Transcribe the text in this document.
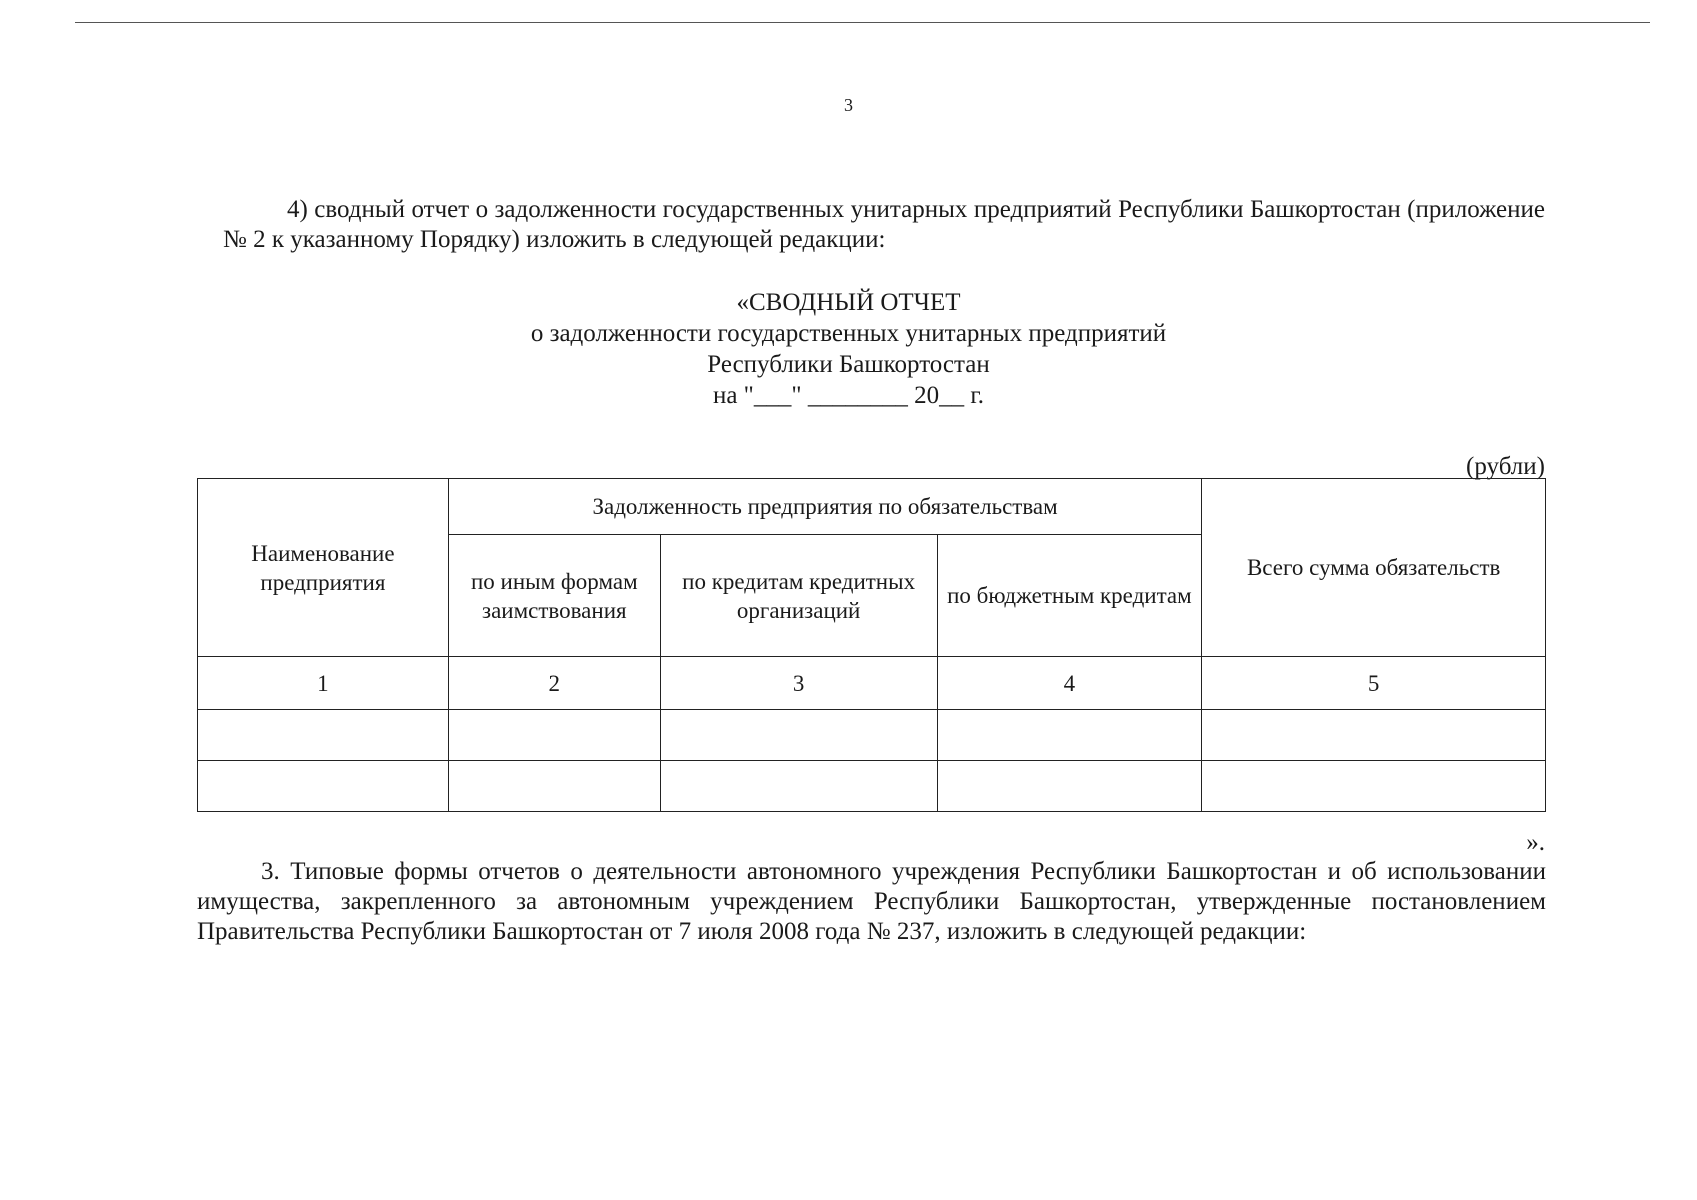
3

4) сводный отчет о задолженности государственных унитарных предприятий Республики Башкортостан (приложение № 2 к указанному Порядку) изложить в следующей редакции:

«СВОДНЫЙ ОТЧЕТ
о задолженности государственных унитарных предприятий
Республики Башкортостан
на "___" ________ 20__ г.
(рубли)
Наименование предприятия	Задолженность предприятия по обязательствам			Всего сумма обязательств
	по иным формам заимствования	по кредитам кредитных организаций	по бюджетным кредитам	
1	2	3	4	5

».

3. Типовые формы отчетов о деятельности автономного учреждения Республики Башкортостан и об использовании имущества, закрепленного за автономным учреждением Республики Башкортостан, утвержденные постановлением Правительства Республики Башкортостан от 7 июля 2008 года № 237, изложить в следующей редакции:
